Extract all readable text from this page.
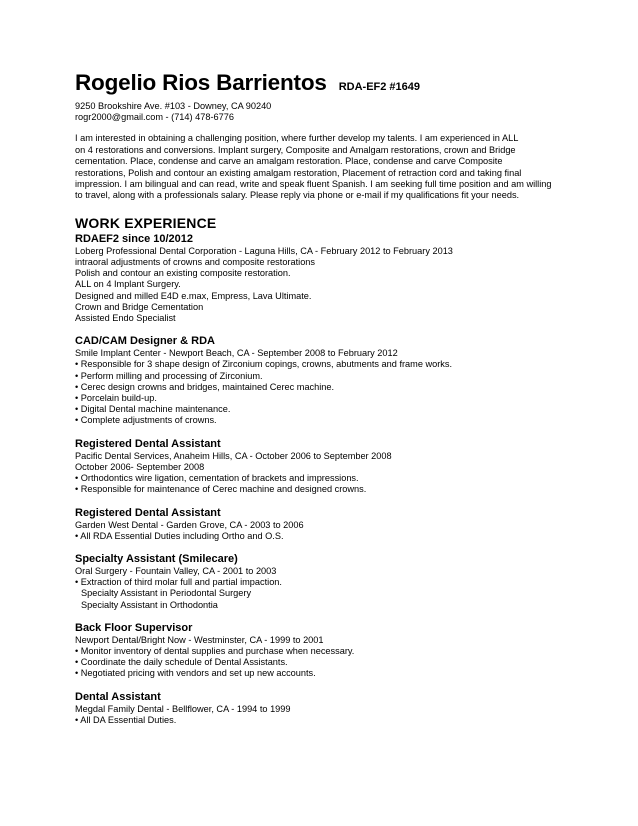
Rogelio Rios Barrientos RDA-EF2 #1649
9250 Brookshire Ave. #103 - Downey, CA 90240
rogr2000@gmail.com - (714) 478-6776
I am interested in obtaining a challenging position, where further develop my talents. I am experienced in ALL
on 4 restorations and conversions. Implant surgery, Composite and Amalgam restorations, crown and Bridge
cementation. Place, condense and carve an amalgam restoration. Place, condense and carve Composite
restorations, Polish and contour an existing amalgam restoration, Placement of retraction cord and taking final
impression. I am bilingual and can read, write and speak fluent Spanish. I am seeking full time position and am willing
to travel, along with a professionals salary. Please reply via phone or e-mail if my qualifications fit your needs.
WORK EXPERIENCE
RDAEF2 since 10/2012
Loberg Professional Dental Corporation - Laguna Hills, CA - February 2012 to February 2013
intraoral adjustments of crowns and composite restorations
Polish and contour an existing composite restoration.
ALL on 4 Implant Surgery.
Designed and milled E4D e.max, Empress, Lava Ultimate.
Crown and Bridge Cementation
Assisted Endo Specialist
CAD/CAM Designer & RDA
Smile Implant Center - Newport Beach, CA - September 2008 to February 2012
• Responsible for 3 shape design of Zirconium copings, crowns, abutments and frame works.
• Perform milling and processing of Zirconium.
• Cerec design crowns and bridges, maintained Cerec machine.
• Porcelain build-up.
• Digital Dental machine maintenance.
• Complete adjustments of crowns.
Registered Dental Assistant
Pacific Dental Services, Anaheim Hills, CA - October 2006 to September 2008
October 2006- September 2008
• Orthodontics wire ligation, cementation of brackets and impressions.
• Responsible for maintenance of Cerec machine and designed crowns.
Registered Dental Assistant
Garden West Dental - Garden Grove, CA - 2003 to 2006
• All RDA Essential Duties including Ortho and O.S.
Specialty Assistant (Smilecare)
Oral Surgery - Fountain Valley, CA - 2001 to 2003
• Extraction of third molar full and partial impaction.
Specialty Assistant in Periodontal Surgery
Specialty Assistant in Orthodontia
Back Floor Supervisor
Newport Dental/Bright Now - Westminster, CA - 1999 to 2001
• Monitor inventory of dental supplies and purchase when necessary.
• Coordinate the daily schedule of Dental Assistants.
• Negotiated pricing with vendors and set up new accounts.
Dental Assistant
Megdal Family Dental - Bellflower, CA - 1994 to 1999
• All DA Essential Duties.
